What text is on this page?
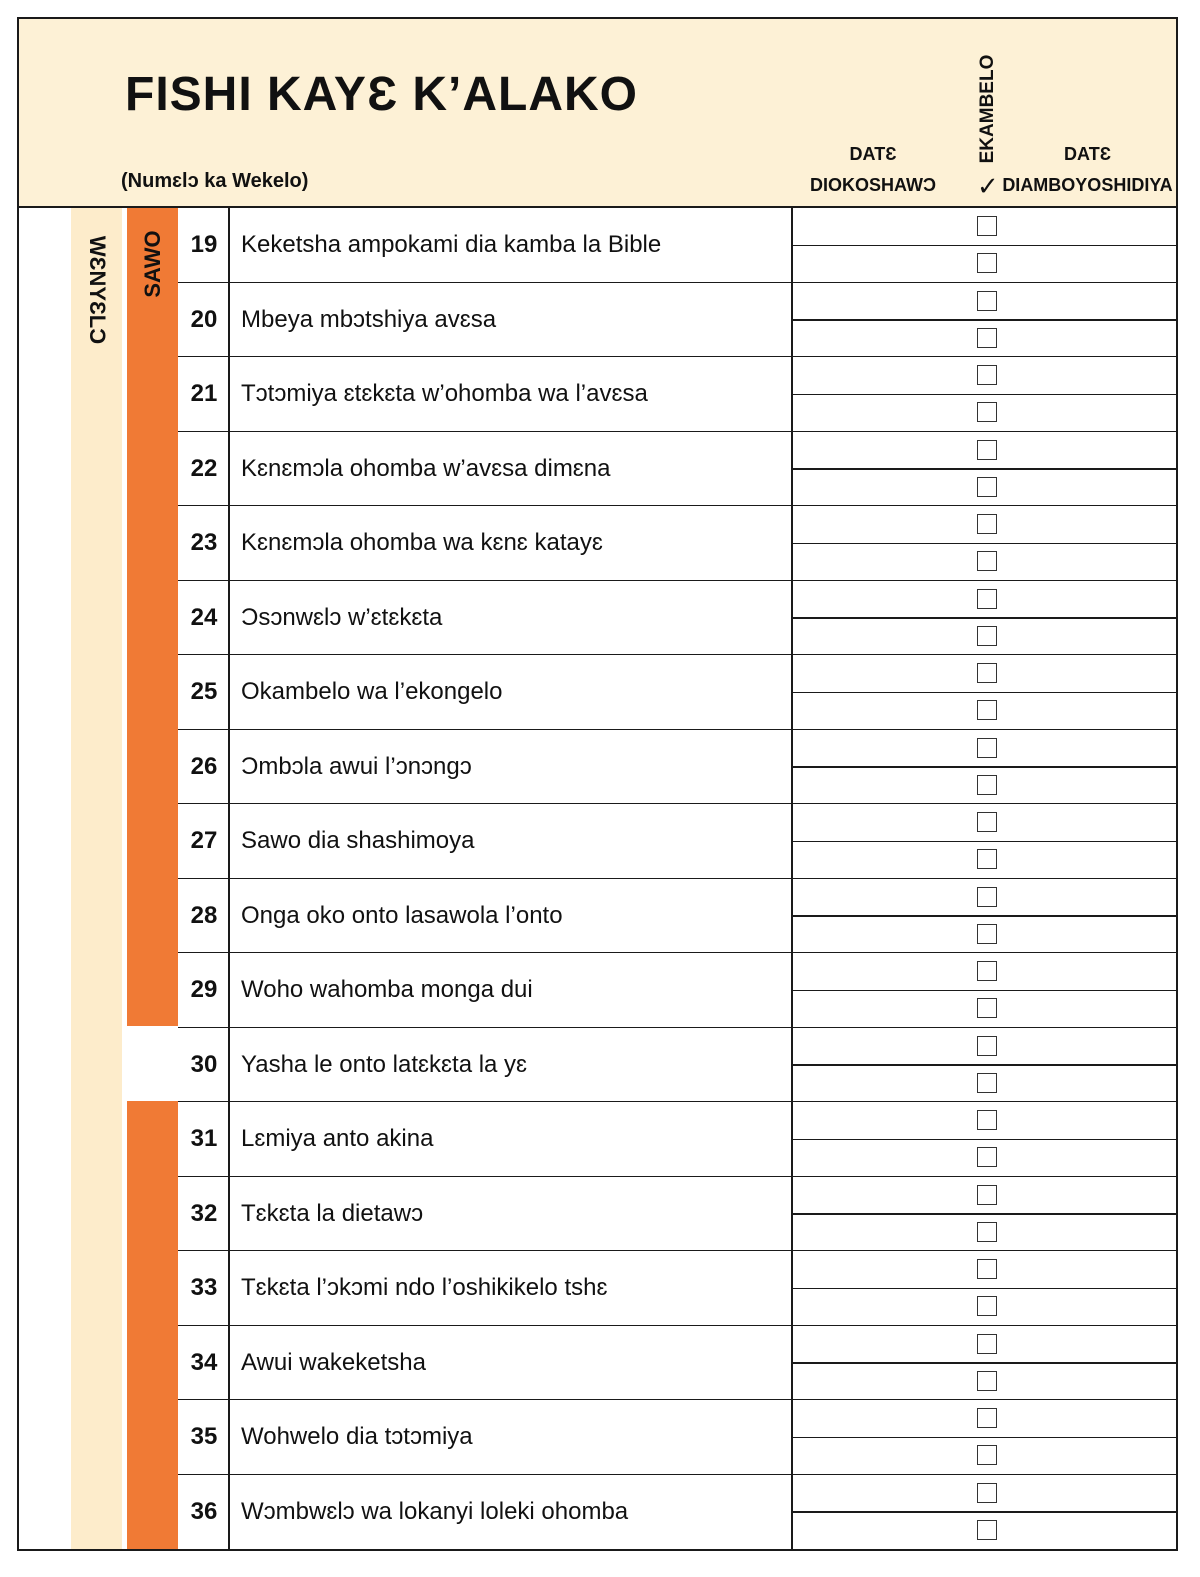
FISHI KAYƐ K’ALAKO
(Numɛlɔ ka Wekelo)
DATƐ
DIOKOSHAWƆ
EKAMBELO
✓
DATƐ
DIAMBOYOSHIDIYA
WƐNYƐLƆ SAWO	19 Keketsha ampokami dia kamba la Bible
20 Mbeya mbɔtshiya avɛsa
21 Tɔtɔmiya ɛtɛkɛta w’ohomba wa l’avɛsa
22 Kɛnɛmɔla ohomba w’avɛsa dimɛna
23 Kɛnɛmɔla ohomba wa kɛnɛ katayɛ
24 Ɔsɔnwɛlɔ w’ɛtɛkɛta
25 Okambelo wa l’ekongelo
26 Ɔmbɔla awui l’ɔnɔngɔ
27 Sawo dia shashimoya
28 Onga oko onto lasawola l’onto
29 Woho wahomba monga dui
30 Yasha le onto latɛkɛta la yɛ
31 Lɛmiya anto akina
32 Tɛkɛta la dietawɔ
33 Tɛkɛta l’ɔkɔmi ndo l’oshikikelo tshɛ
34 Awui wakeketsha
35 Wohwelo dia tɔtɔmiya
36 Wɔmbwɛlɔ wa lokanyi loleki ohomba
